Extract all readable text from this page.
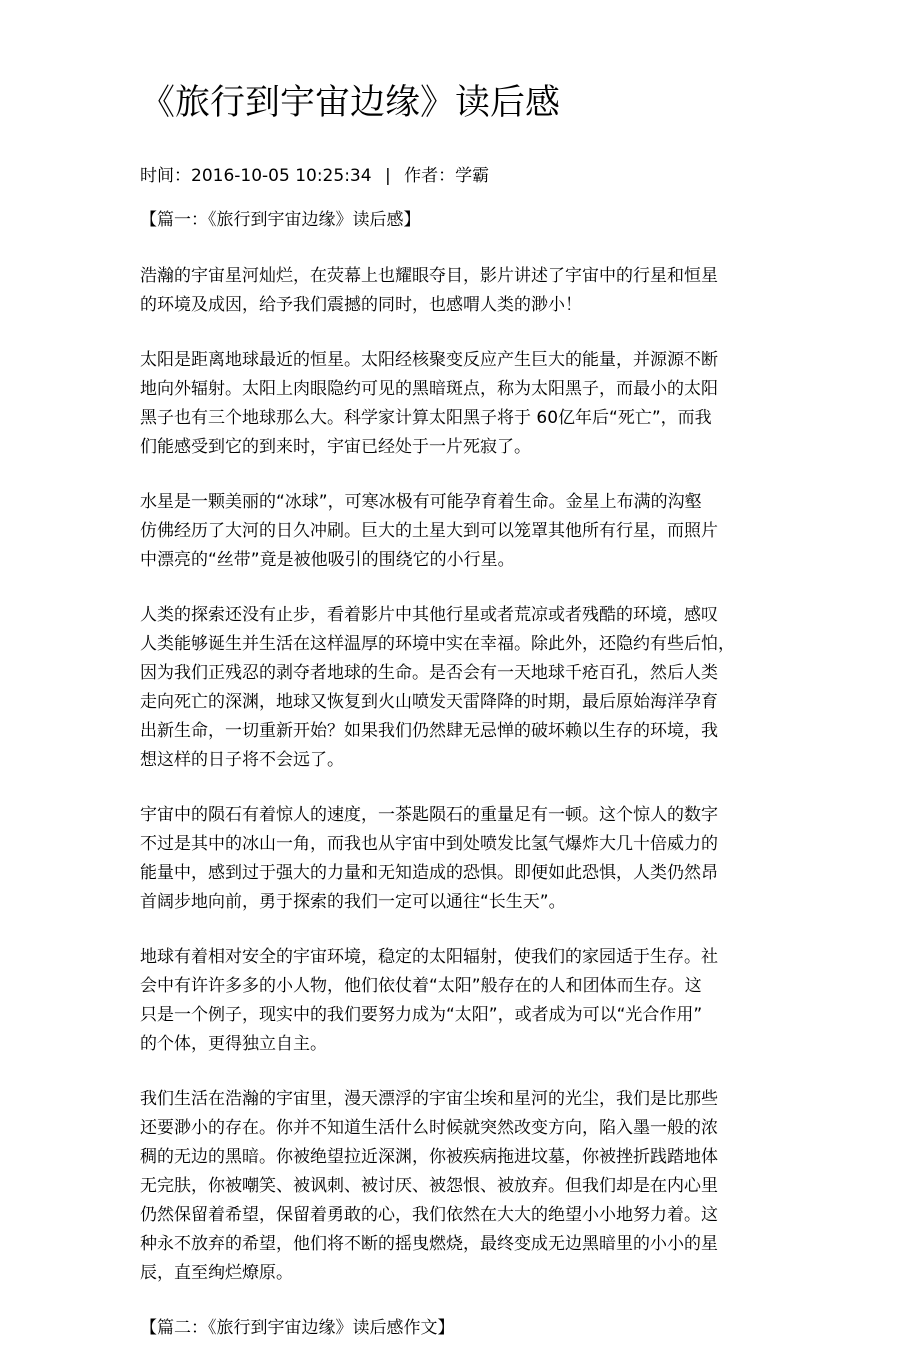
《旅行到宇宙边缘》读后感
时间：2016-10-05 10:25:34 | 作者：学霸

【篇一：《旅行到宇宙边缘》读后感】

浩瀚的宇宙星河灿烂，在荧幕上也耀眼夺目，影片讲述了宇宙中的行星和恒星
的环境及成因，给予我们震撼的同时，也感喟人类的渺小！

太阳是距离地球最近的恒星。太阳经核聚变反应产生巨大的能量，并源源不断
地向外辐射。太阳上肉眼隐约可见的黑暗斑点，称为太阳黑子，而最小的太阳
黑子也有三个地球那么大。科学家计算太阳黑子将于 60亿年后“死亡”，而我
们能感受到它的到来时，宇宙已经处于一片死寂了。

水星是一颗美丽的“冰球”，可寒冰极有可能孕育着生命。金星上布满的沟壑
仿佛经历了大河的日久冲刷。巨大的土星大到可以笼罩其他所有行星，而照片
中漂亮的“丝带”竟是被他吸引的围绕它的小行星。

人类的探索还没有止步，看着影片中其他行星或者荒凉或者残酷的环境，感叹
人类能够诞生并生活在这样温厚的环境中实在幸福。除此外，还隐约有些后怕，
因为我们正残忍的剥夺者地球的生命。是否会有一天地球千疮百孔，然后人类
走向死亡的深渊，地球又恢复到火山喷发天雷降降的时期，最后原始海洋孕育
出新生命，一切重新开始？如果我们仍然肆无忌惮的破坏赖以生存的环境，我
想这样的日子将不会远了。

宇宙中的陨石有着惊人的速度，一茶匙陨石的重量足有一顿。这个惊人的数字
不过是其中的冰山一角，而我也从宇宙中到处喷发比氢气爆炸大几十倍威力的
能量中，感到过于强大的力量和无知造成的恐惧。即便如此恐惧，人类仍然昂
首阔步地向前，勇于探索的我们一定可以通往“长生天”。

地球有着相对安全的宇宙环境，稳定的太阳辐射，使我们的家园适于生存。社
会中有许许多多的小人物，他们依仗着“太阳”般存在的人和团体而生存。这
只是一个例子，现实中的我们要努力成为“太阳”，或者成为可以“光合作用”
的个体，更得独立自主。

我们生活在浩瀚的宇宙里，漫天漂浮的宇宙尘埃和星河的光尘，我们是比那些
还要渺小的存在。你并不知道生活什么时候就突然改变方向，陷入墨一般的浓
稠的无边的黑暗。你被绝望拉近深渊，你被疾病拖进坟墓，你被挫折践踏地体
无完肤，你被嘲笑、被讽刺、被讨厌、被怨恨、被放弃。但我们却是在内心里
仍然保留着希望，保留着勇敢的心，我们依然在大大的绝望小小地努力着。这
种永不放弃的希望，他们将不断的摇曳燃烧，最终变成无边黑暗里的小小的星
辰，直至绚烂燎原。

【篇二：《旅行到宇宙边缘》读后感作文】
